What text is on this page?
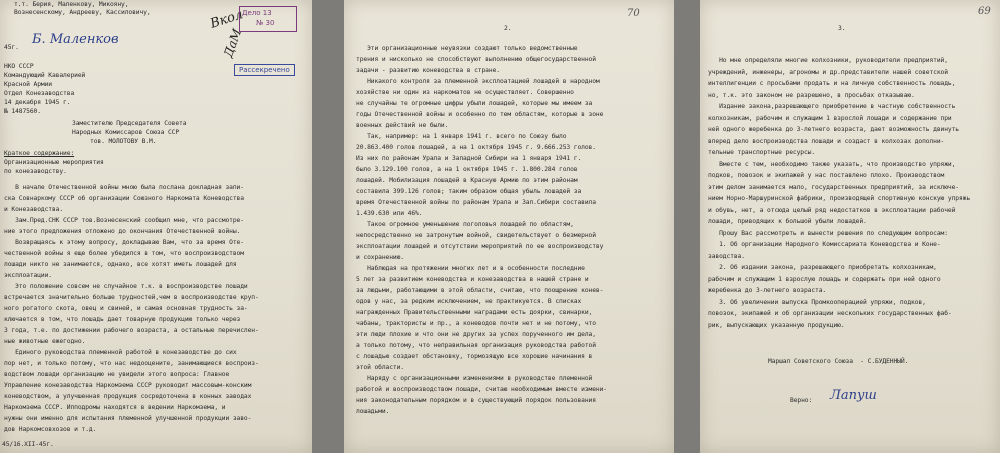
т.т. Берия, Маленкову, Микояну,
Вознесенскому, Андрееву, Кассиловичу,
45г.
Б. Маленков
Вкол
ДаМ
Дело 13
№ 30
Рассекречено
НКО СССР
Командующий Кавалерией
Красной Армии
Отдел Конезаводства
14 декабря 1945 г.
№ 1487560.
Заместителю Председателя Совета
Народных Комиссаров Союза ССР
тов. МОЛОТОВУ В.М.
Краткое содержание:
Организационные мероприятия
по конезаводству.
В начале Отечественной войны мною была послана докладная запи-
ска Совнаркому СССР об организации Союзного Наркомата Коневодства
и Конезаводства.
Зам.Пред.СНК СССР тов.Вознесенский сообщил мне, что рассмотре-
ние этого предложения отложено до окончания Отечественной войны.
Возвращаясь к этому вопросу, докладываю Вам, что за время Оте-
чественной войны я еще более убедился в том, что воспроизводством
лошади никто не занимается, однако, все хотят иметь лошадей для
эксплоатации.
Это положение совсем не случайное т.к. в воспроизводстве лошади
встречается значительно больше трудностей,чем в воспроизводстве круп-
ного рогатого скота, овец и свиней, и самая основная трудность за-
ключается в том, что лошадь дает товарную продукцию только через
3 года, т.е. по достижении рабочего возраста, а остальные перечислен-
ные животные ежегодно.
Единого руководства племенной работой в конезаводстве до сих
пор нет, и только потому, что нас недооцените, занимающиеся воспроиз-
водством лошади организацию не увидели этого вопроса: Главное
Управление конезаводства Наркомзема СССР руководит массовым-конским
коневодством, а улучшенная продукция сосредоточена в конных заводах
Наркомзема СССР. Ипподромы находятся в ведении Наркомзема, и
нужны они именно для испытания племенной улучшенной продукции заво-
дов Наркомсовхозов и т.д.
45/16.XII-45г.
70
2.
Эти организационные неувязки создают только ведомственные
трения и нисколько не способствуют выполнению общегосударственной
задачи - развитию коневодства в стране.
Никакого контроля за племенной эксплоатацией лошадей в народном
хозяйстве ни один из наркоматов не осуществляет. Совершенно
не случайны те огромные цифры убыли лошадей, которые мы имеем за
годы Отечественной войны и особенно по тем областям, которые в зоне
военных действий не были.
Так, например: на 1 января 1941 г. всего по Союзу было
20.863.400 голов лошадей, а на 1 октября 1945 г. 9.666.253 голов.
Из них по районам Урала и Западной Сибири на 1 января 1941 г.
было 3.129.100 голов, а на 1 октября 1945 г. 1.800.284 голов
лошадей. Мобилизация лошадей в Красную Армию по этим районам
составила 399.126 голов; таким образом общая убыль лошадей за
время Отечественной войны по районам Урала и Зап.Сибири составила
1.439.630 или 46%.
Такое огромное уменьшение поголовья лошадей по областям,
непосредственно не затронутым войной, свидетельствует о безмерной
эксплоатации лошадей и отсутствии мероприятий по ее воспроизводству
и сохранению.
Наблюдая на протяжении многих лет и в особенности последние
5 лет за развитием коневодства и конезаводства в нашей стране и
за людьми, работающими в этой области, считаю, что поощрение конев-
одов у нас, за редким исключением, не практикуется. В списках
награжденных Правительственными наградами есть доярки, свинарки,
чабаны, трактористы и пр., а коневодов почти нет и не потому, что
эти люди плохие и что они не других за успех порученного им дела,
а только потому, что неправильная организация руководства работой
с лошадью создает обстановку, тормозящую все хорошие начинания в
этой области.
Наряду с организационными изменениями в руководстве племенной
работой и воспроизводством лошади, считаю необходимым вместе измени-
ния законодательным порядком и в существующий порядок пользования
лошадьми.
69
3.
Но мне определяли многие колхозники, руководители предприятий,
учреждений, инженеры, агрономы и др.представители нашей советской
интеллигенции с просьбами продать и на личную собственность лошадь,
но, т.к. это законом не разрешено, в просьбах отказываю.
Издание закона,разрешающего приобретение в частную собственность
колхозникам, рабочим и служащим 1 взрослой лошади и содержание при
ней одного жеребенка до 3-летнего возраста, дает возможность двинуть
вперед дело воспроизводства лошади и создаст в колхозах дополни-
тельные транспортные ресурсы.
Вместе с тем, необходимо также указать, что производство упряжи,
подков, повозок и экипажей у нас поставлено плохо. Производством
этим делом занимается мало, государственных предприятий, за исключе-
нием Норно-Маршуринской фабрики, производящей спортивную конскую упряжь
и обувь, нет, а отсюда целый ряд недостатков в эксплоатации рабочей
лошади, приводящих к большой убыли лошадей.
Прошу Вас рассмотреть и вынести решения по следующим вопросам:
1. Об организации Народного Комиссариата Коневодства и Коне-
заводства.
2. Об издании закона, разрешающего приобретать колхозникам,
рабочим и служащим 1 взрослую лошадь и содержать при ней одного
жеребенка до 3-летнего возраста.
3. Об увеличении выпуска Промкооперацией упряжи, подков,
повозок, экипажей и об организации нескольких государственных фаб-
рик, выпускающих указанную продукцию.
Маршал Советского Союза  - С.БУДЕННЫЙ.
Верно: Лапуш
